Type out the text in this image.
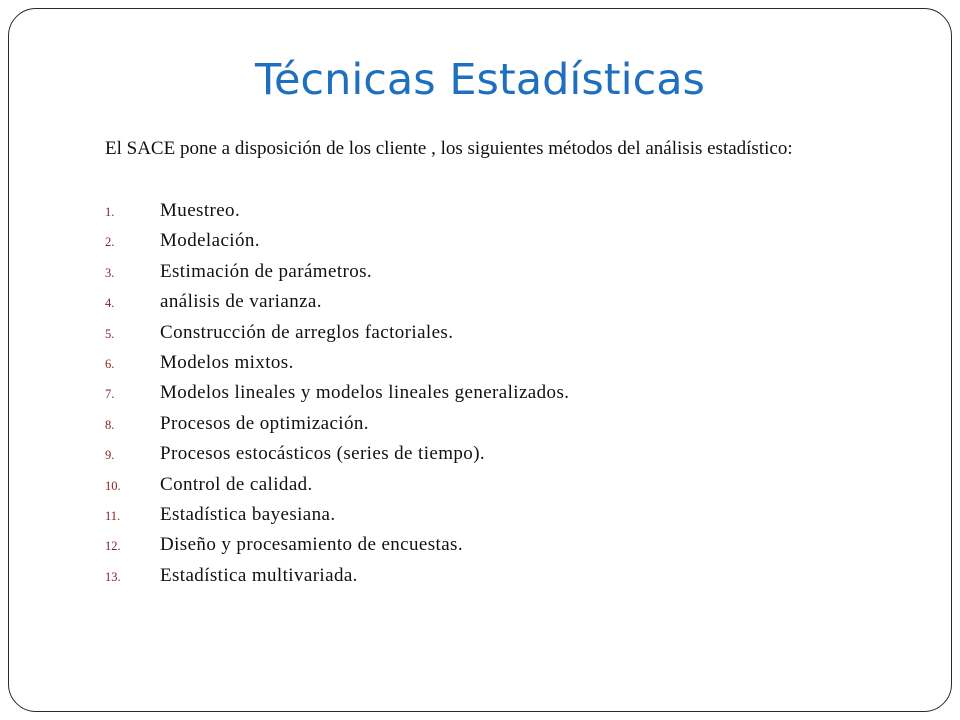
Técnicas Estadísticas

El SACE pone a disposición de los cliente , los siguientes métodos del análisis estadístico:

1.	Muestreo.
2.	Modelación.
3.	Estimación de parámetros.
4.	análisis de varianza.
5.	Construcción de arreglos factoriales.
6.	Modelos mixtos.
7.	Modelos lineales y modelos lineales generalizados.
8.	Procesos de optimización.
9.	Procesos estocásticos (series de tiempo).
10.	Control de calidad.
11.	Estadística bayesiana.
12.	Diseño y procesamiento de encuestas.
13.	Estadística multivariada.
